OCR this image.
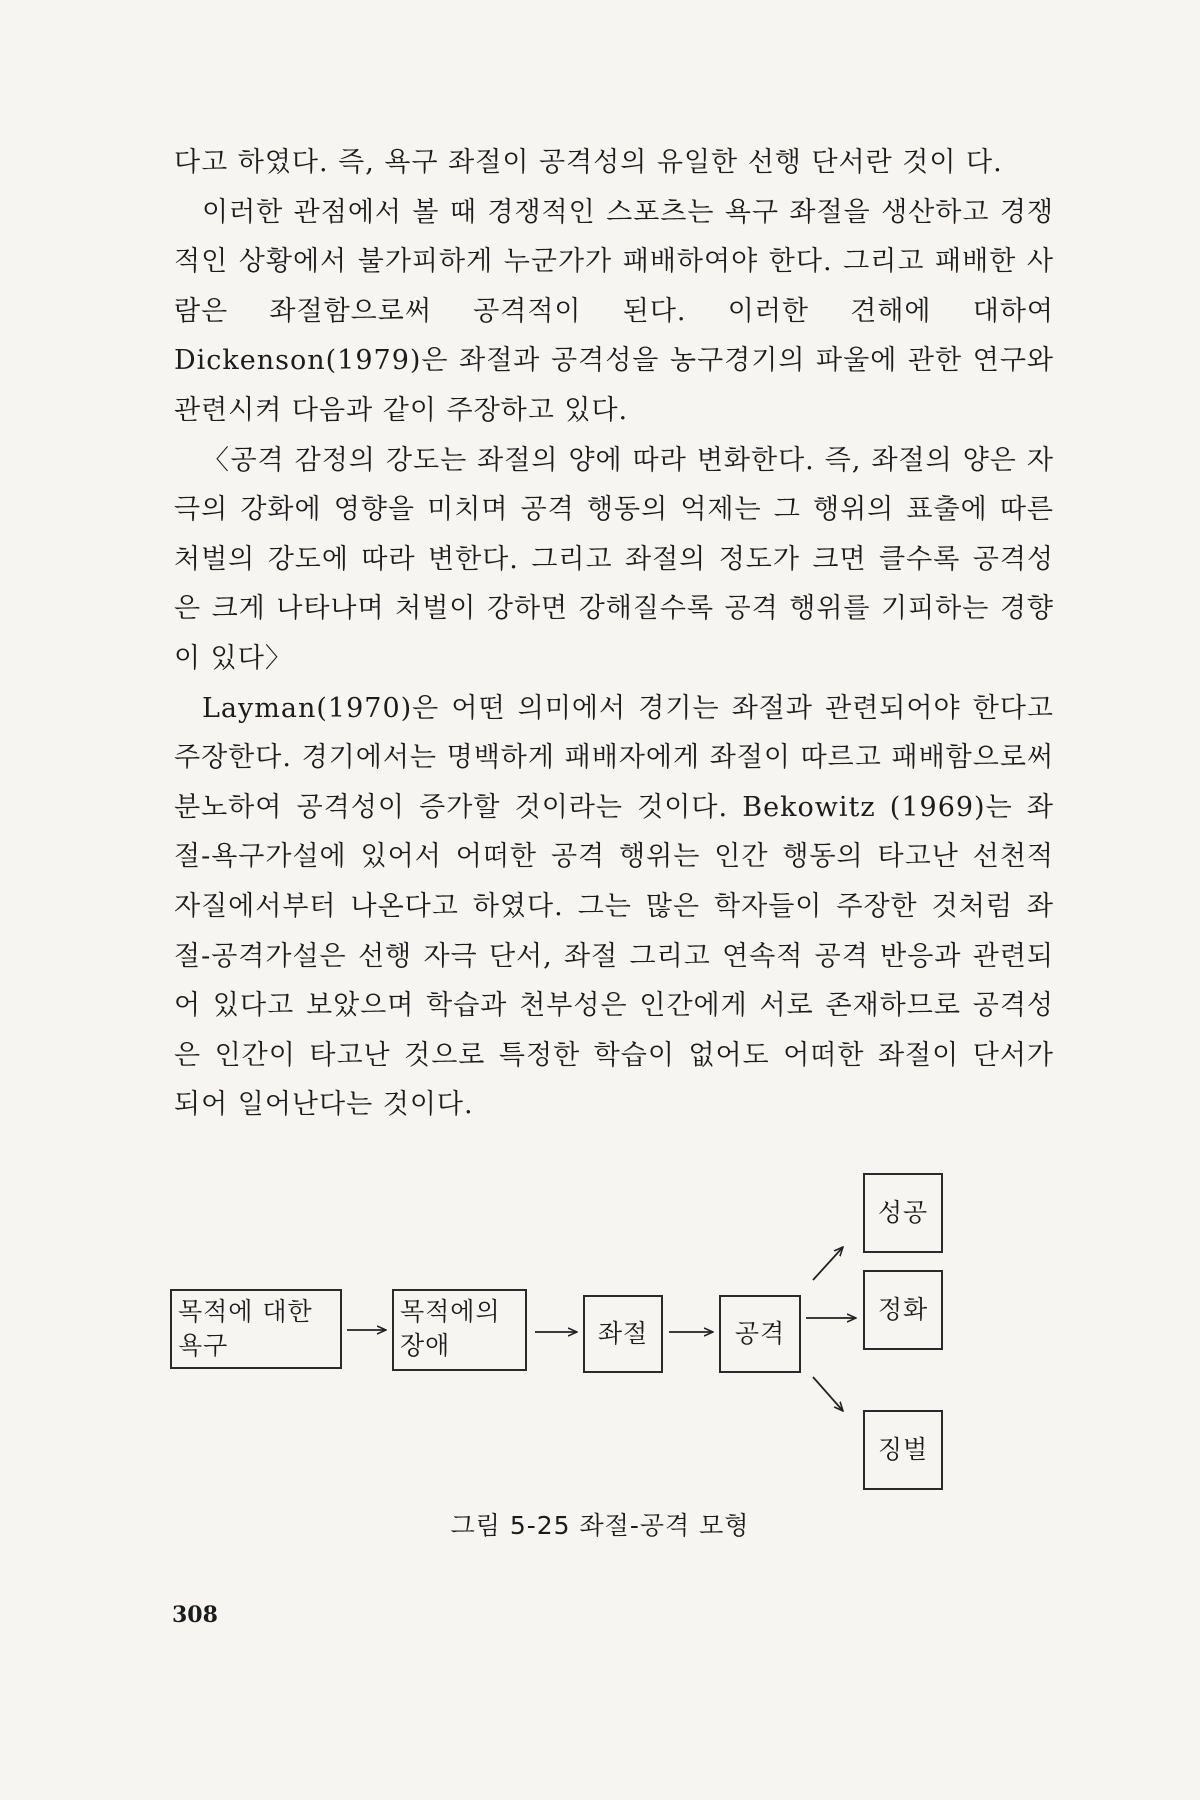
다고 하였다. 즉, 욕구 좌절이 공격성의 유일한 선행 단서란 것이 다.

이러한 관점에서 볼 때 경쟁적인 스포츠는 욕구 좌절을 생산하고 경쟁적인 상황에서 불가피하게 누군가가 패배하여야 한다. 그리고 패배한 사람은 좌절함으로써 공격적이 된다. 이러한 견해에 대하여 Dickenson(1979)은 좌절과 공격성을 농구경기의 파울에 관한 연구와 관련시켜 다음과 같이 주장하고 있다.

〈공격 감정의 강도는 좌절의 양에 따라 변화한다. 즉, 좌절의 양은 자극의 강화에 영향을 미치며 공격 행동의 억제는 그 행위의 표출에 따른 처벌의 강도에 따라 변한다. 그리고 좌절의 정도가 크면 클수록 공격성은 크게 나타나며 처벌이 강하면 강해질수록 공격 행위를 기피하는 경향이 있다〉

Layman(1970)은 어떤 의미에서 경기는 좌절과 관련되어야 한다고 주장한다. 경기에서는 명백하게 패배자에게 좌절이 따르고 패배함으로써 분노하여 공격성이 증가할 것이라는 것이다. Bekowitz (1969)는 좌절-욕구가설에 있어서 어떠한 공격 행위는 인간 행동의 타고난 선천적 자질에서부터 나온다고 하였다. 그는 많은 학자들이 주장한 것처럼 좌절-공격가설은 선행 자극 단서, 좌절 그리고 연속적 공격 반응과 관련되어 있다고 보았으며 학습과 천부성은 인간에게 서로 존재하므로 공격성은 인간이 타고난 것으로 특정한 학습이 없어도 어떠한 좌절이 단서가 되어 일어난다는 것이다.

목적에 대한 욕구
목적에의 장애	좌절	공격
성공
정화
징벌
그림 5-25 좌절-공격 모형
308
